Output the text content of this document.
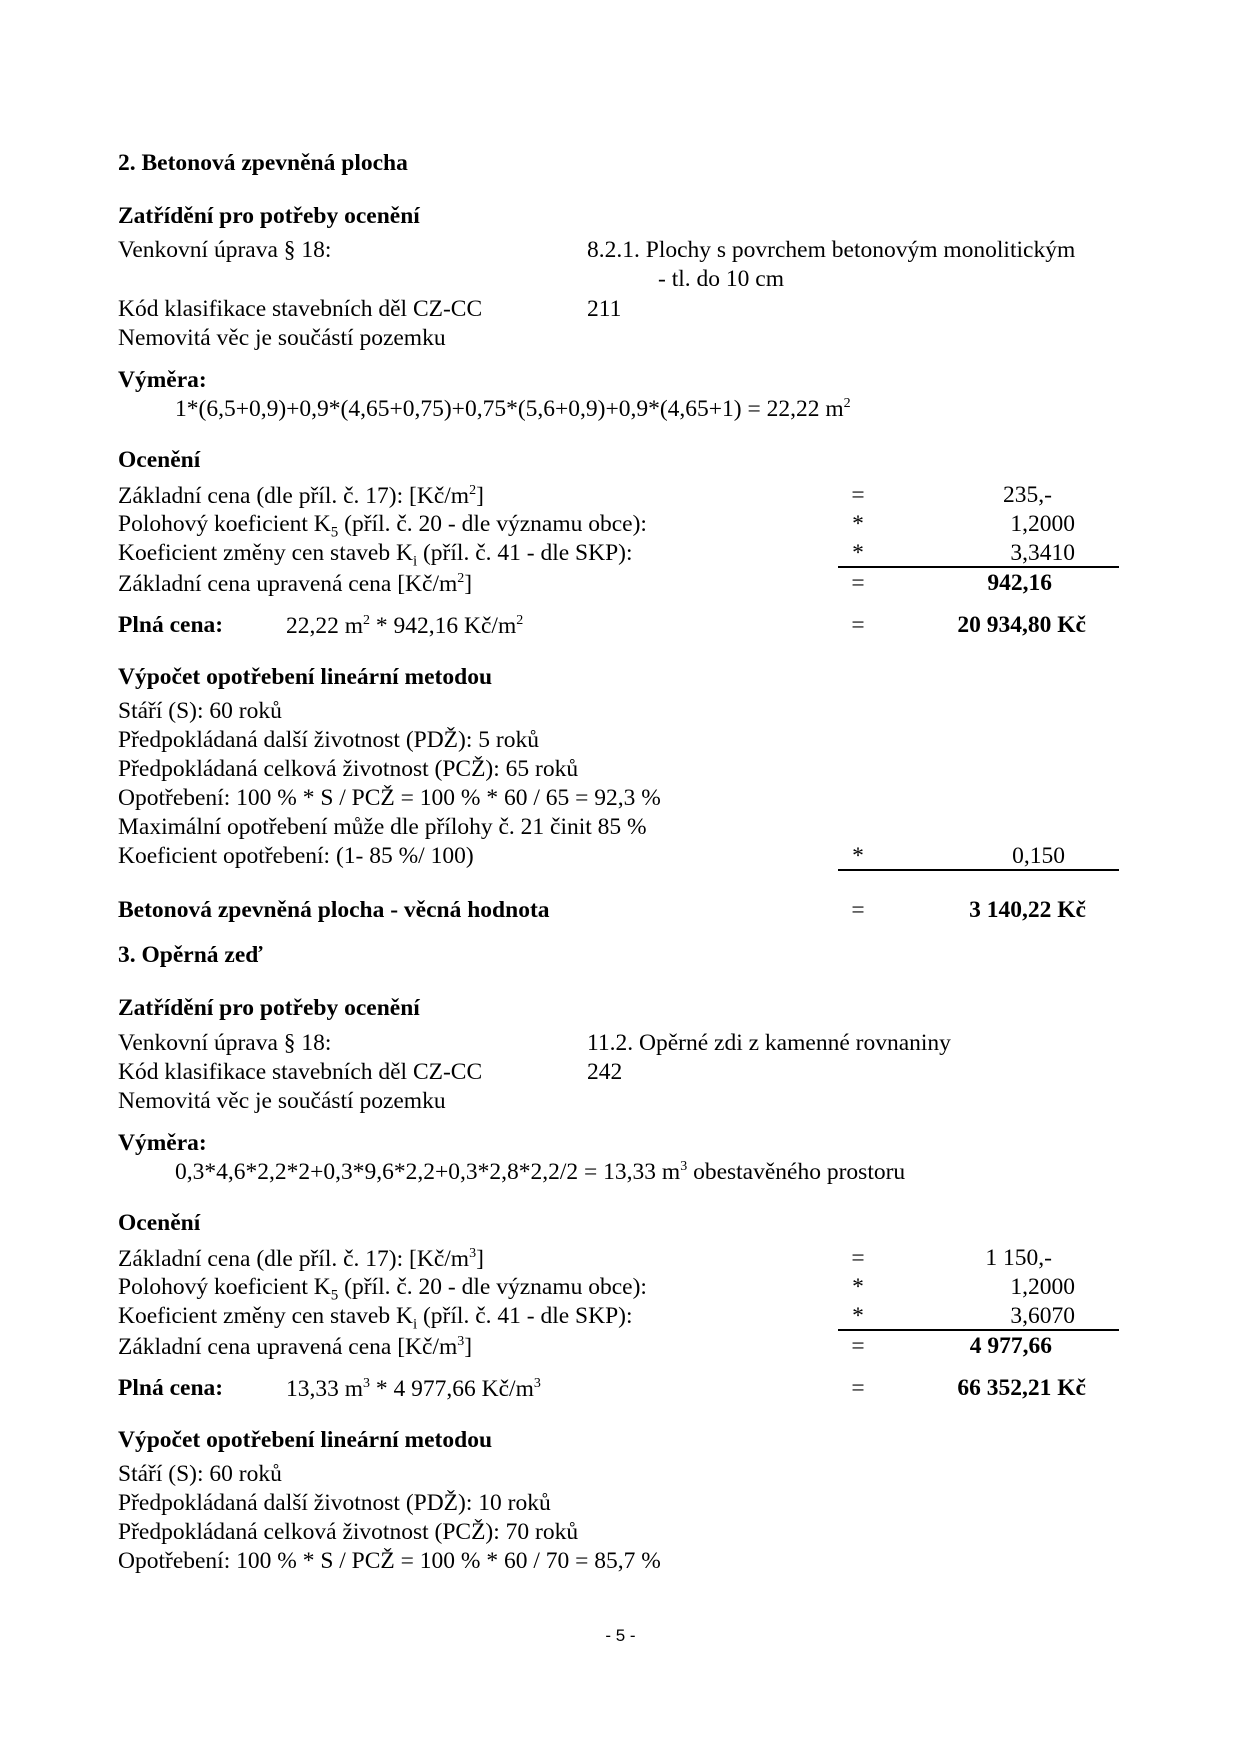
2. Betonová zpevněná plocha
Zatřídění pro potřeby ocenění
Venkovní úprava § 18:	8.2.1. Plochy s povrchem betonovým monolitickým
- tl. do 10 cm
Kód klasifikace stavebních děl CZ-CC	211
Nemovitá věc je součástí pozemku
Výměra:
1*(6,5+0,9)+0,9*(4,65+0,75)+0,75*(5,6+0,9)+0,9*(4,65+1) = 22,22 $m^2$
Ocenění
Základní cena (dle příl. č. 17): $[Kč/m^2]$	=	235,-
Polohový koeficient $K_5$ (příl. č. 20 - dle významu obce):	*	1,2000
Koeficient změny cen staveb $K_i$ (příl. č. 41 - dle SKP):	*	3,3410
Základní cena upravená cena $[Kč/m^2]$	=	942,16
Plná cena:	22,22 $m^2 * 942,16$ $Kč/m^2$	=	20 934,80 Kč
Výpočet opotřebení lineární metodou
Stáří (S): 60 roků
Předpokládaná další životnost (PDŽ): 5 roků
Předpokládaná celková životnost (PCŽ): 65 roků
Opotřebení: 100 % * S / PCŽ = 100 % * 60 / 65 = 92,3 %
Maximální opotřebení může dle přílohy č. 21 činit 85 %
Koeficient opotřebení: (1- 85 %/ 100)	*	0,150
Betonová zpevněná plocha - věcná hodnota	=	3 140,22 Kč
3. Opěrná zeď
Zatřídění pro potřeby ocenění
Venkovní úprava § 18:	11.2. Opěrné zdi z kamenné rovnaniny
Kód klasifikace stavebních děl CZ-CC	242
Nemovitá věc je součástí pozemku
Výměra:
0,3*4,6*2,2*2+0,3*9,6*2,2+0,3*2,8*2,2/2 = 13,33 $m^3$ obestavěného prostoru
Ocenění
Základní cena (dle příl. č. 17): $[Kč/m^3]$	=	1 150,-
Polohový koeficient $K_5$ (příl. č. 20 - dle významu obce):	*	1,2000
Koeficient změny cen staveb $K_i$ (příl. č. 41 - dle SKP):	*	3,6070
Základní cena upravená cena $[Kč/m^3]$	=	4 977,66
Plná cena:	13,33 $m^3 * 4$ 977,66 $Kč/m^3$	=	66 352,21 Kč
Výpočet opotřebení lineární metodou
Stáří (S): 60 roků
Předpokládaná další životnost (PDŽ): 10 roků
Předpokládaná celková životnost (PCŽ): 70 roků
Opotřebení: 100 % * S / PCŽ = 100 % * 60 / 70 = 85,7 %
- 5 -
